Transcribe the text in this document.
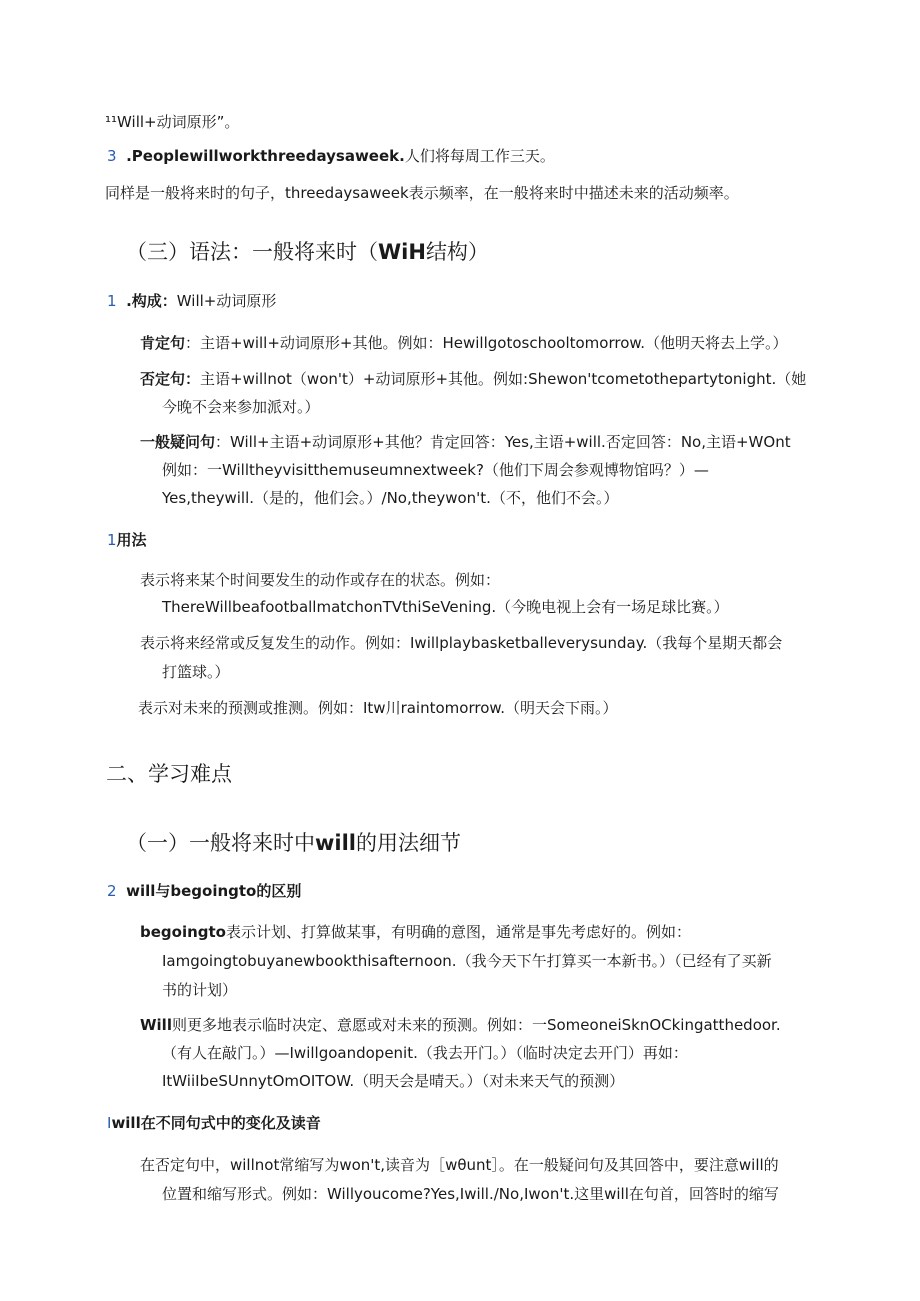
¹¹Will+动词原形”。
3 .Peoplewillworkthreedaysaweek.人们将每周工作三天。
同样是一般将来时的句子，threedaysaweek表示频率，在一般将来时中描述未来的活动频率。
（三）语法：一般将来时（WiH结构）
1 .构成：Will+动词原形
肯定句：主语+will+动词原形+其他。例如：Hewillgotoschooltomorrow.（他明天将去上学。）
否定句：主语+willnot（won't）+动词原形+其他。例如:Shewon'tcometothepartytonight.（她
今晚不会来参加派对。）
一般疑问句：Will+主语+动词原形+其他？肯定回答：Yes,主语+will.否定回答：No,主语+WOnt
例如：一Willtheyvisitthemuseumnextweek?（他们下周会参观博物馆吗？）—
Yes,theywill.（是的，他们会。）/No,theywon't.（不，他们不会。）
1用法
表示将来某个时间要发生的动作或存在的状态。例如：
ThereWillbeafootballmatchonTVthiSeVening.（今晚电视上会有一场足球比赛。）
表示将来经常或反复发生的动作。例如：Iwillplaybasketballeverysunday.（我每个星期天都会
打篮球。）
表示对未来的预测或推测。例如：Itw川raintomorrow.（明天会下雨。）
二、学习难点
（一）一般将来时中will的用法细节
2 will与begoingto的区别
begoingto表示计划、打算做某事，有明确的意图，通常是事先考虑好的。例如：
Iamgoingtobuyanewbookthisafternoon.（我今天下午打算买一本新书。）（已经有了买新
书的计划）
Will则更多地表示临时决定、意愿或对未来的预测。例如：一SomeoneiSknOCkingatthedoor.
（有人在敲门。）—Iwillgoandopenit.（我去开门。）（临时决定去开门）再如：
ItWiiIbeSUnnytOmOITOW.（明天会是晴天。）（对未来天气的预测）
Iwill在不同句式中的变化及读音
在否定句中，willnot常缩写为won't,读音为［wθunt］。在一般疑问句及其回答中，要注意will的
位置和缩写形式。例如：Willyoucome?Yes,Iwill./No,Iwon't.这里will在句首，回答时的缩写
